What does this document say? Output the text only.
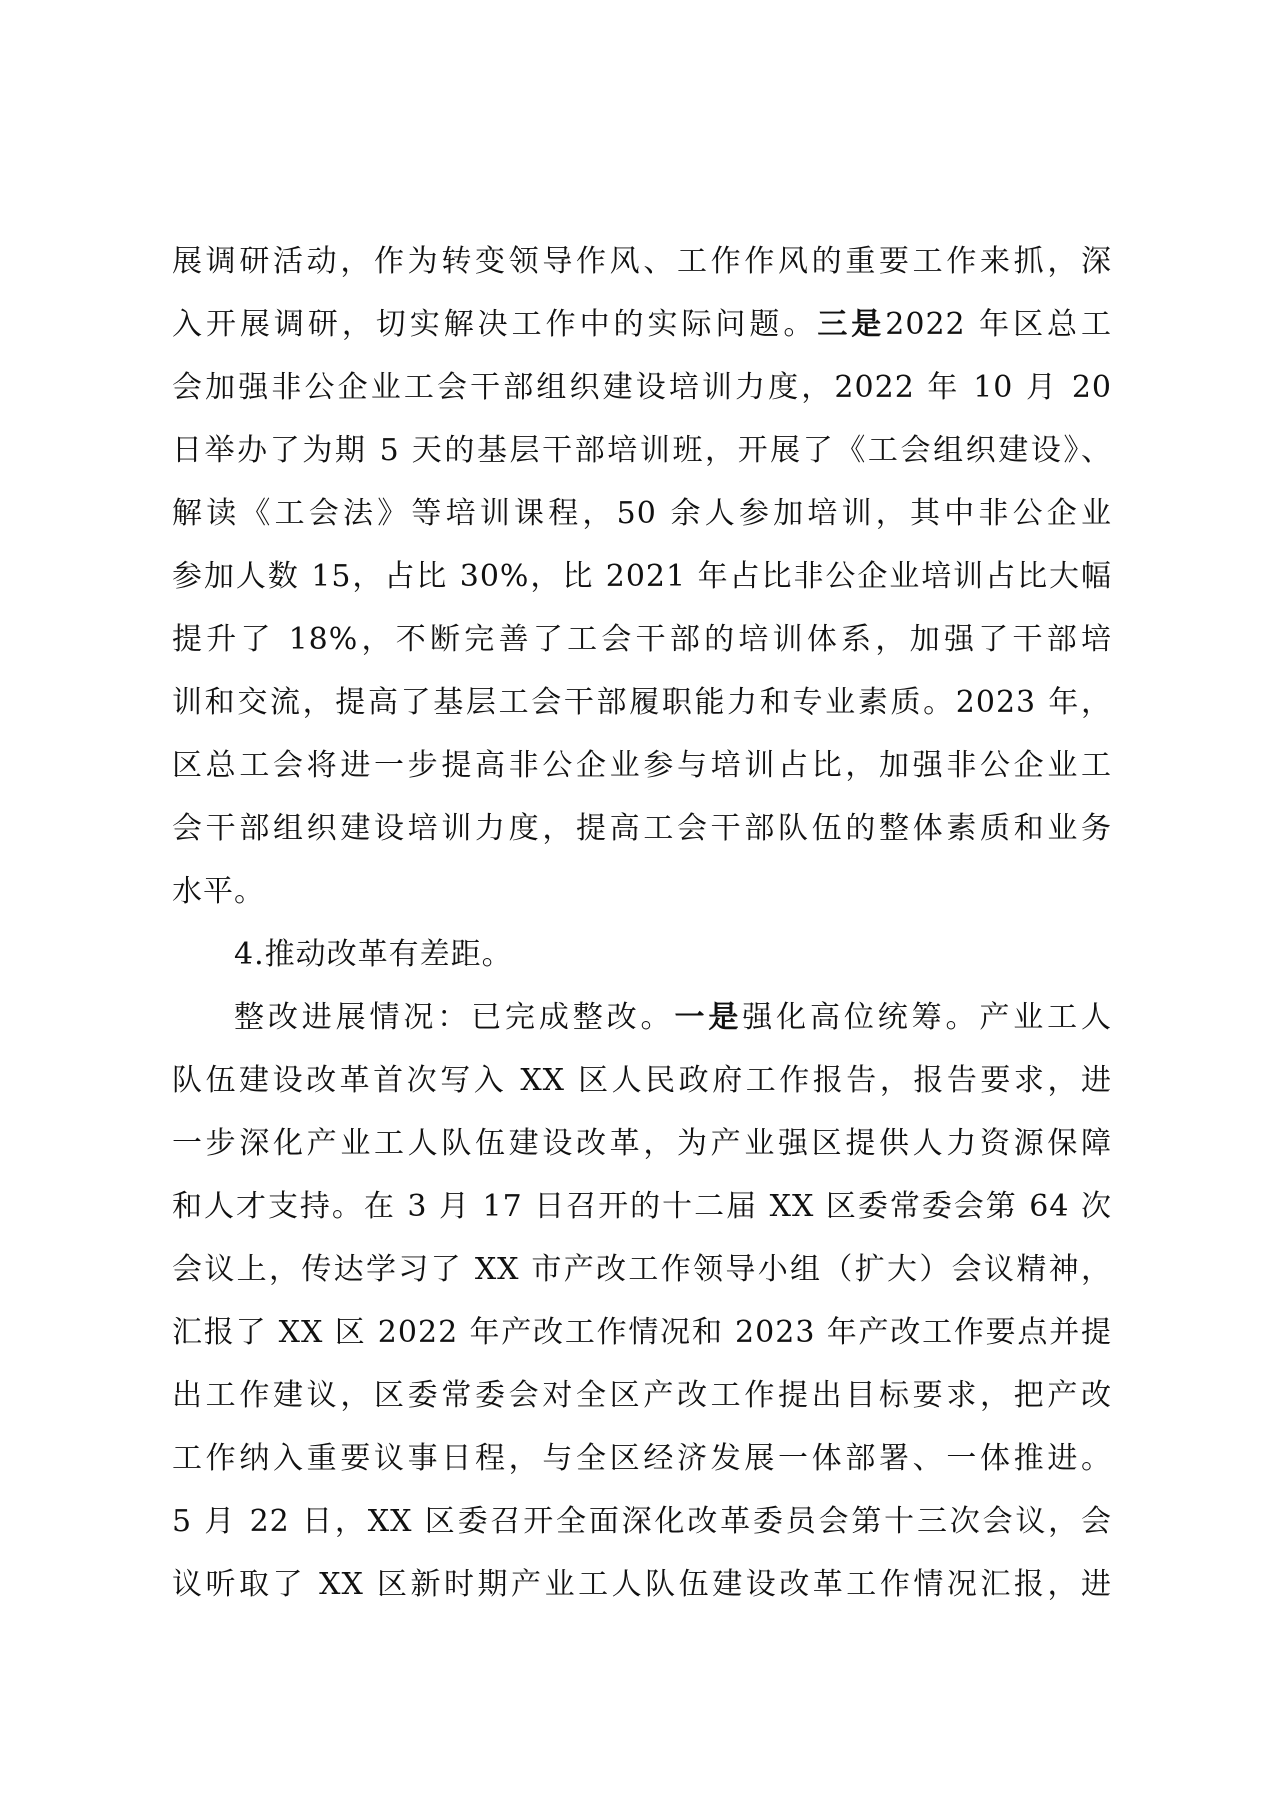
展调研活动，作为转变领导作风、工作作风的重要工作来抓，深
入开展调研，切实解决工作中的实际问题。三是2022 年区总工
会加强非公企业工会干部组织建设培训力度，2022 年 10 月 20
日举办了为期 5 天的基层干部培训班，开展了《工会组织建设》、
解读《工会法》等培训课程，50 余人参加培训，其中非公企业
参加人数 15，占比 30%，比 2021 年占比非公企业培训占比大幅
提升了 18%，不断完善了工会干部的培训体系，加强了干部培
训和交流，提高了基层工会干部履职能力和专业素质。2023 年，
区总工会将进一步提高非公企业参与培训占比，加强非公企业工
会干部组织建设培训力度，提高工会干部队伍的整体素质和业务
水平。
4.推动改革有差距。
整改进展情况：已完成整改。一是强化高位统筹。产业工人
队伍建设改革首次写入 XX 区人民政府工作报告，报告要求，进
一步深化产业工人队伍建设改革，为产业强区提供人力资源保障
和人才支持。在 3 月 17 日召开的十二届 XX 区委常委会第 64 次
会议上，传达学习了 XX 市产改工作领导小组（扩大）会议精神，
汇报了 XX 区 2022 年产改工作情况和 2023 年产改工作要点并提
出工作建议，区委常委会对全区产改工作提出目标要求，把产改
工作纳入重要议事日程，与全区经济发展一体部署、一体推进。
5 月 22 日，XX 区委召开全面深化改革委员会第十三次会议，会
议听取了 XX 区新时期产业工人队伍建设改革工作情况汇报，进
